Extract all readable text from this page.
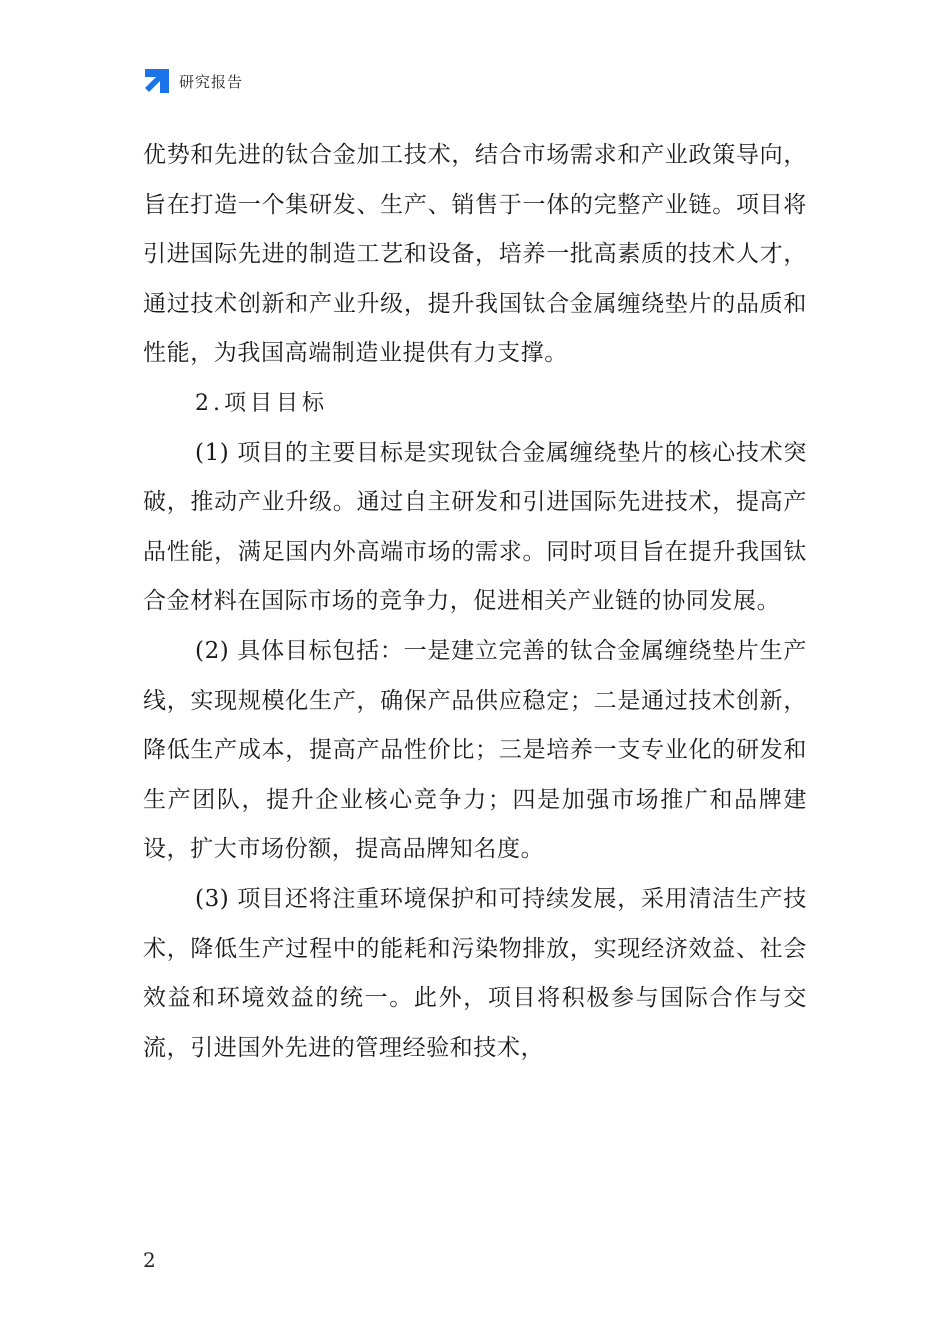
研究报告

优势和先进的钛合金加工技术，结合市场需求和产业政策导向，旨在打造一个集研发、生产、销售于一体的完整产业链。项目将引进国际先进的制造工艺和设备，培养一批高素质的技术人才，通过技术创新和产业升级，提升我国钛合金属缠绕垫片的品质和性能，为我国高端制造业提供有力支撑。

2.项目目标

(1) 项目的主要目标是实现钛合金属缠绕垫片的核心技术突破，推动产业升级。通过自主研发和引进国际先进技术，提高产品性能，满足国内外高端市场的需求。同时项目旨在提升我国钛合金材料在国际市场的竞争力，促进相关产业链的协同发展。

(2) 具体目标包括：一是建立完善的钛合金属缠绕垫片生产线，实现规模化生产，确保产品供应稳定；二是通过技术创新，降低生产成本，提高产品性价比；三是培养一支专业化的研发和生产团队，提升企业核心竞争力；四是加强市场推广和品牌建设，扩大市场份额，提高品牌知名度。

(3) 项目还将注重环境保护和可持续发展，采用清洁生产技术，降低生产过程中的能耗和污染物排放，实现经济效益、社会效益和环境效益的统一。此外，项目将积极参与国际合作与交流，引进国外先进的管理经验和技术，

2
